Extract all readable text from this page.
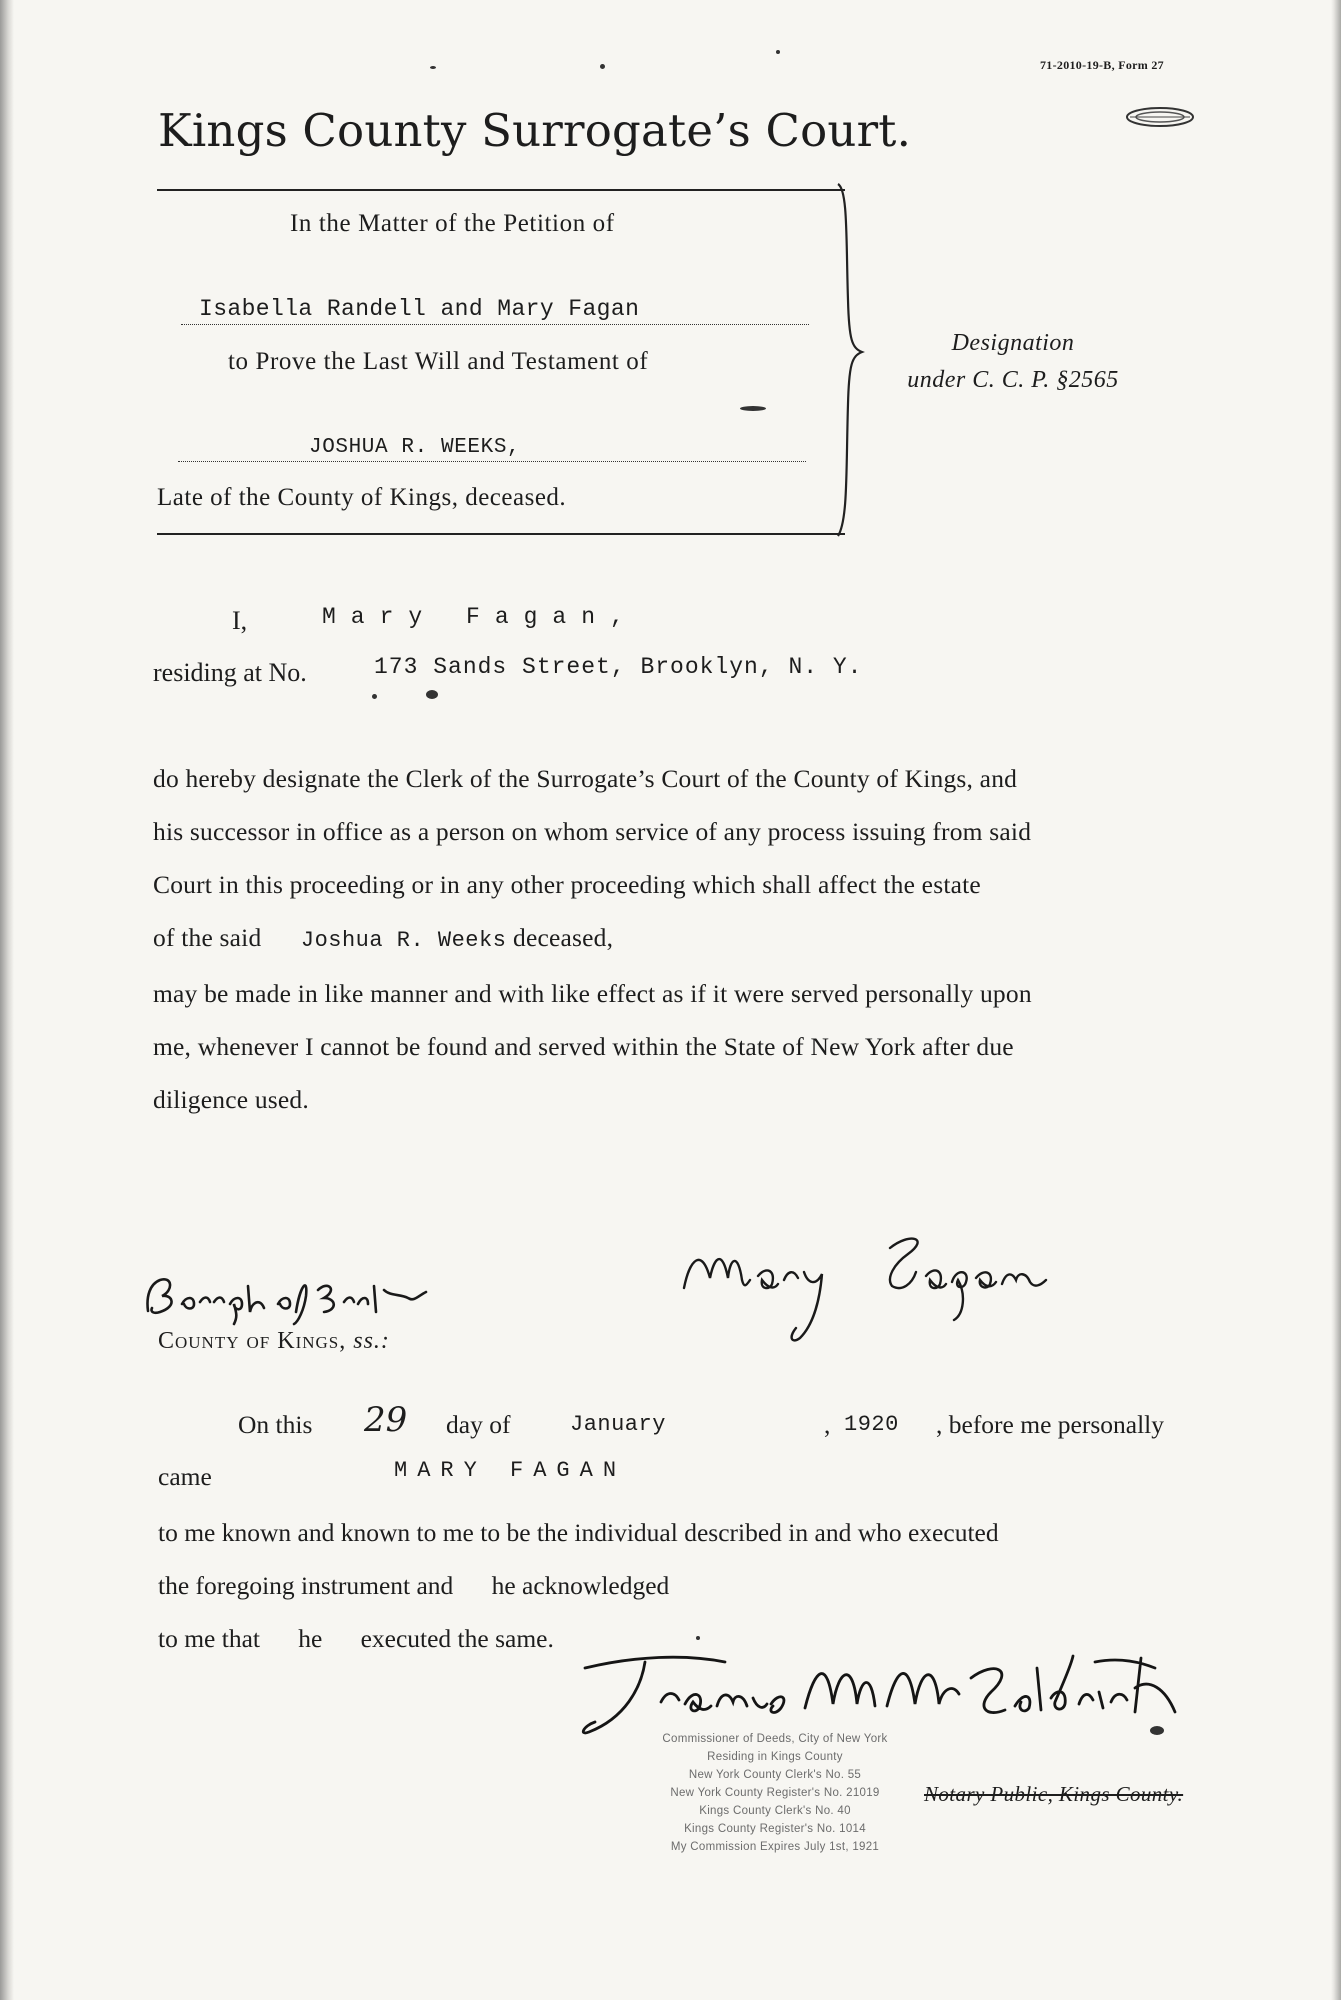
71-2010-19-B, Form 27
Kings County Surrogate’s Court.
In the Matter of the Petition of
Isabella Randell and Mary Fagan
to Prove the Last Will and Testament of
JOSHUA R. WEEKS,
Late of the County of Kings, deceased.
Designation
under C. C. P. §2565
I,	Mary Fagan,
residing at No.	173 Sands Street, Brooklyn, N. Y.
do hereby designate the Clerk of the Surrogate’s Court of the County of Kings, and
his successor in office as a person on whom service of any process issuing from said
Court in this proceeding or in any other proceeding which shall affect the estate
of the said Joshua R. Weeks deceased,
may be made in like manner and with like effect as if it were served personally upon
me, whenever I cannot be found and served within the State of New York after due
diligence used.
County of Kings, ss.:
On this 29 day of	January	, 1920 , before me personally
came	MARY FAGAN
to me known and known to me to be the individual described in and who executed
the foregoing instrument and he acknowledged
to me that he executed the same.
Commissioner of Deeds, City of New York
Residing in Kings County
New York County Clerk's No. 55
New York County Register's No. 21019
Kings County Clerk's No. 40
Kings County Register's No. 1014
My Commission Expires July 1st, 1921
Notary Public, Kings County.
